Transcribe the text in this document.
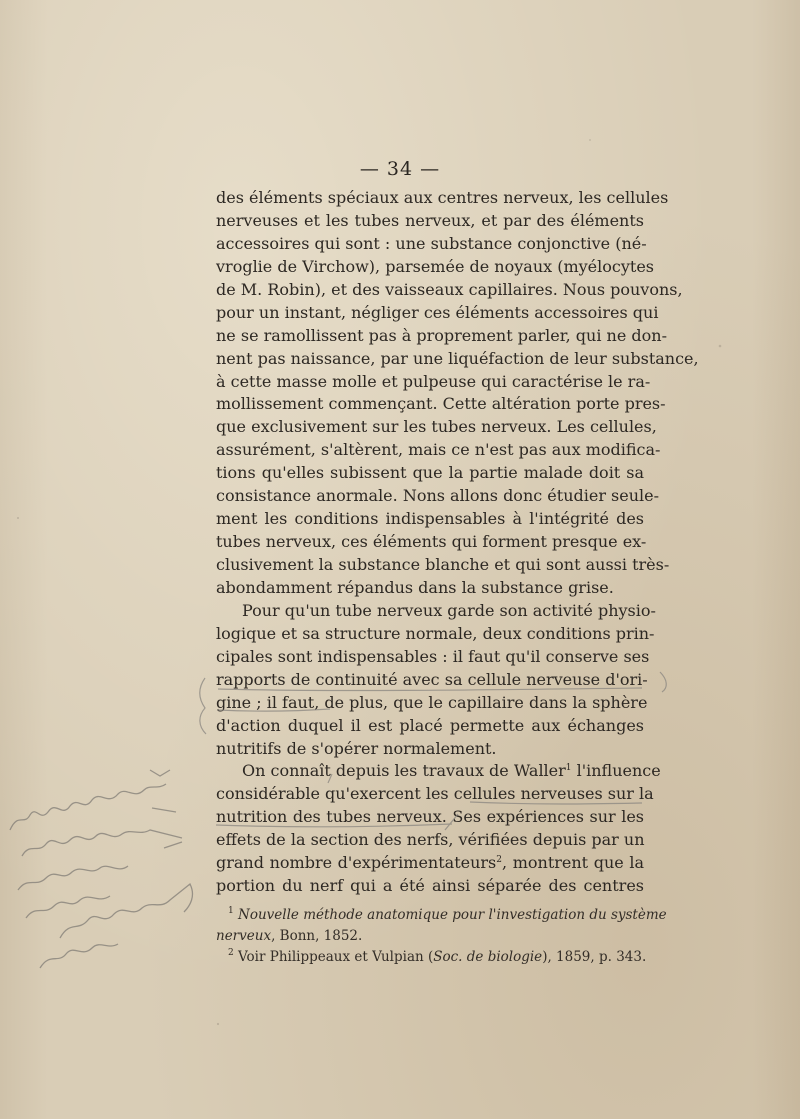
— 34 —
des éléments spéciaux aux centres nerveux, les cellules
nerveuses et les tubes nerveux, et par des éléments
accessoires qui sont : une substance conjonctive (né-
vroglie de Virchow), parsemée de noyaux (myélocytes
de M. Robin), et des vaisseaux capillaires. Nous pouvons,
pour un instant, négliger ces éléments accessoires qui
ne se ramollissent pas à proprement parler, qui ne don-
nent pas naissance, par une liquéfaction de leur substance,
à cette masse molle et pulpeuse qui caractérise le ra-
mollissement commençant. Cette altération porte pres-
que exclusivement sur les tubes nerveux. Les cellules,
assurément, s'altèrent, mais ce n'est pas aux modifica-
tions qu'elles subissent que la partie malade doit sa
consistance anormale. Nons allons donc étudier seule-
ment les conditions indispensables à l'intégrité des
tubes nerveux, ces éléments qui forment presque ex-
clusivement la substance blanche et qui sont aussi très-
abondamment répandus dans la substance grise.
Pour qu'un tube nerveux garde son activité physio-
logique et sa structure normale, deux conditions prin-
cipales sont indispensables : il faut qu'il conserve ses
rapports de continuité avec sa cellule nerveuse d'ori-
gine ; il faut, de plus, que le capillaire dans la sphère
d'action duquel il est placé permette aux échanges
nutritifs de s'opérer normalement.
On connaît depuis les travaux de Waller$^1$ l'influence
considérable qu'exercent les cellules nerveuses sur la
nutrition des tubes nerveux. Ses expériences sur les
effets de la section des nerfs, vérifiées depuis par un
grand nombre d'expérimentateurs$^2$, montrent que la
portion du nerf qui a été ainsi séparée des centres
$^1$ Nouvelle méthode anatomique pour l'investigation du système
nerveux, Bonn, 1852.
$^2$ Voir Philippeaux et Vulpian (Soc. de biologie), 1859, p. 343.
